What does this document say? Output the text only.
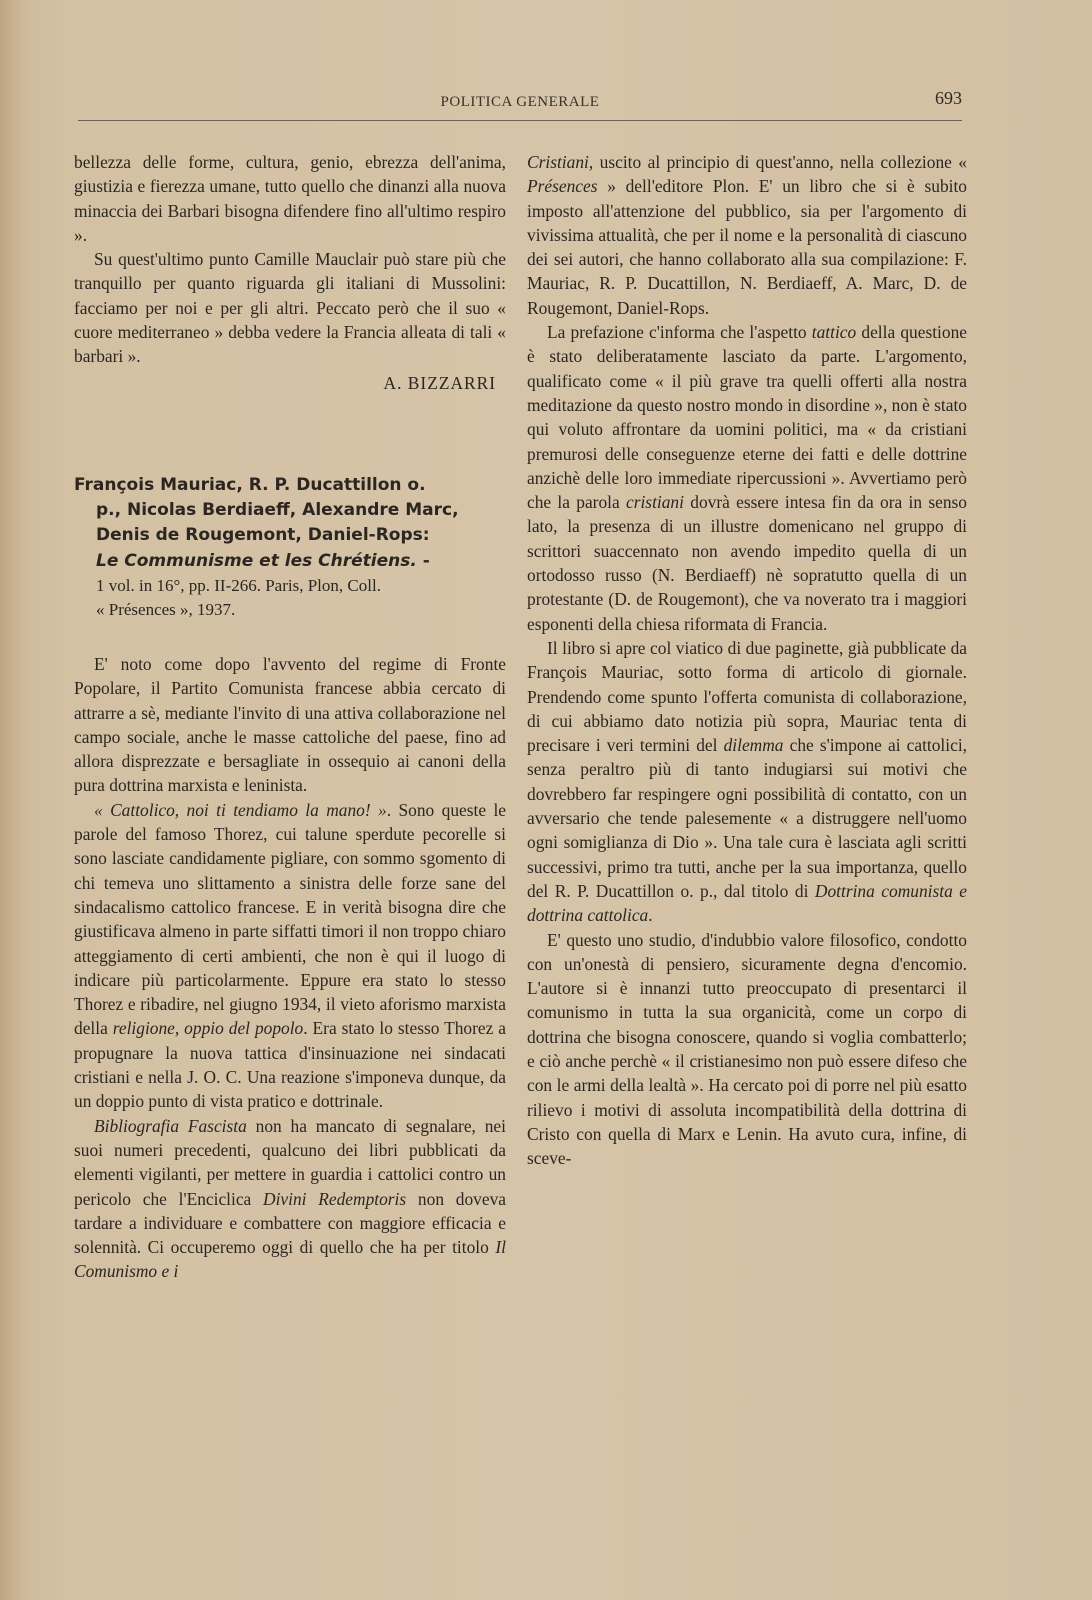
POLITICA GENERALE	693

bellezza delle forme, cultura, genio, ebrezza dell'anima, giustizia e fierezza umane, tutto quello che dinanzi alla nuova minaccia dei Barbari bisogna difendere fino all'ultimo respiro ».

Su quest'ultimo punto Camille Mauclair può stare più che tranquillo per quanto riguarda gli italiani di Mussolini: facciamo per noi e per gli altri. Peccato però che il suo « cuore mediterraneo » debba vedere la Francia alleata di tali « barbari ».

A. BIZZARRI

François Mauriac, R. P. Ducattillon o.
p., Nicolas Berdiaeff, Alexandre Marc,
Denis de Rougemont, Daniel-Rops:
Le Communisme et les Chrétiens. -
1 vol. in 16°, pp. II-266. Paris, Plon, Coll.
« Présences », 1937.

E' noto come dopo l'avvento del regime di Fronte Popolare, il Partito Comunista francese abbia cercato di attrarre a sè, mediante l'invito di una attiva collaborazione nel campo sociale, anche le masse cattoliche del paese, fino ad allora disprezzate e bersagliate in ossequio ai canoni della pura dottrina marxista e leninista.

« Cattolico, noi ti tendiamo la mano! ». Sono queste le parole del famoso Thorez, cui talune sperdute pecorelle si sono lasciate candidamente pigliare, con sommo sgomento di chi temeva uno slittamento a sinistra delle forze sane del sindacalismo cattolico francese. E in verità bisogna dire che giustificava almeno in parte siffatti timori il non troppo chiaro atteggiamento di certi ambienti, che non è qui il luogo di indicare più particolarmente. Eppure era stato lo stesso Thorez e ribadire, nel giugno 1934, il vieto aforismo marxista della religione, oppio del popolo. Era stato lo stesso Thorez a propugnare la nuova tattica d'insinuazione nei sindacati cristiani e nella J. O. C. Una reazione s'imponeva dunque, da un doppio punto di vista pratico e dottrinale.

Bibliografia Fascista non ha mancato di segnalare, nei suoi numeri precedenti, qualcuno dei libri pubblicati da elementi vigilanti, per mettere in guardia i cattolici contro un pericolo che l'Enciclica Divini Redemptoris non doveva tardare a individuare e combattere con maggiore efficacia e solennità. Ci occuperemo oggi di quello che ha per titolo Il Comunismo e i

Cristiani, uscito al principio di quest'anno, nella collezione « Présences » dell'editore Plon. E' un libro che si è subito imposto all'attenzione del pubblico, sia per l'argomento di vivissima attualità, che per il nome e la personalità di ciascuno dei sei autori, che hanno collaborato alla sua compilazione: F. Mauriac, R. P. Ducattillon, N. Berdiaeff, A. Marc, D. de Rougemont, Daniel-Rops.

La prefazione c'informa che l'aspetto tattico della questione è stato deliberatamente lasciato da parte. L'argomento, qualificato come « il più grave tra quelli offerti alla nostra meditazione da questo nostro mondo in disordine », non è stato qui voluto affrontare da uomini politici, ma « da cristiani premurosi delle conseguenze eterne dei fatti e delle dottrine anzichè delle loro immediate ripercussioni ». Avvertiamo però che la parola cristiani dovrà essere intesa fin da ora in senso lato, la presenza di un illustre domenicano nel gruppo di scrittori suaccennato non avendo impedito quella di un ortodosso russo (N. Berdiaeff) nè sopratutto quella di un protestante (D. de Rougemont), che va noverato tra i maggiori esponenti della chiesa riformata di Francia.

Il libro si apre col viatico di due paginette, già pubblicate da François Mauriac, sotto forma di articolo di giornale. Prendendo come spunto l'offerta comunista di collaborazione, di cui abbiamo dato notizia più sopra, Mauriac tenta di precisare i veri termini del dilemma che s'impone ai cattolici, senza peraltro più di tanto indugiarsi sui motivi che dovrebbero far respingere ogni possibilità di contatto, con un avversario che tende palesemente « a distruggere nell'uomo ogni somiglianza di Dio ». Una tale cura è lasciata agli scritti successivi, primo tra tutti, anche per la sua importanza, quello del R. P. Ducattillon o. p., dal titolo di Dottrina comunista e dottrina cattolica.

E' questo uno studio, d'indubbio valore filosofico, condotto con un'onestà di pensiero, sicuramente degna d'encomio. L'autore si è innanzi tutto preoccupato di presentarci il comunismo in tutta la sua organicità, come un corpo di dottrina che bisogna conoscere, quando si voglia combatterlo; e ciò anche perchè « il cristianesimo non può essere difeso che con le armi della lealtà ». Ha cercato poi di porre nel più esatto rilievo i motivi di assoluta incompatibilità della dottrina di Cristo con quella di Marx e Lenin. Ha avuto cura, infine, di sceve-
